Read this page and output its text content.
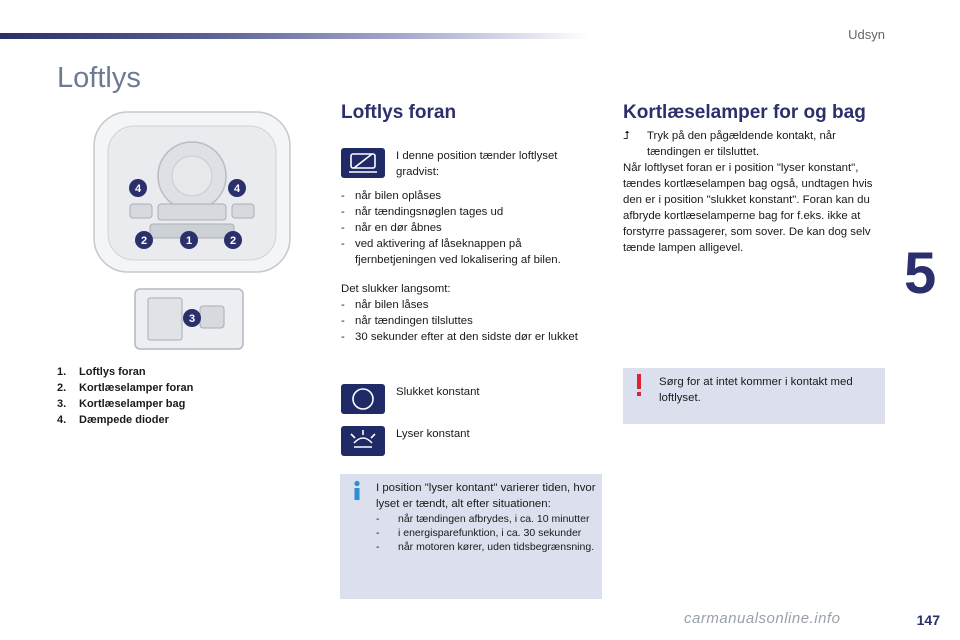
Udsyn
Loftlys
5
4	4
2	1	2
3
1.	Loftlys foran
2.	Kortlæselamper foran
3.	Kortlæselamper bag
4.	Dæmpede dioder
Loftlys foran
I denne position tænder loftlyset gradvist:
- når bilen oplåses
- når tændingsnøglen tages ud
- når en dør åbnes
- ved aktivering af låseknappen på fjernbetjeningen ved lokalisering af bilen.
Det slukker langsomt:
- når bilen låses
- når tændingen tilsluttes
- 30 sekunder efter at den sidste dør er lukket
Slukket konstant
Lyser konstant
I position "lyser kontant" varierer tiden, hvor lyset er tændt, alt efter situationen:
-	når tændingen afbrydes, i ca. 10 minutter
-	i energisparefunktion, i ca. 30 sekunder
-	når motoren kører, uden tidsbegrænsning.
Kortlæselamper for og bag
⮥	Tryk på den pågældende kontakt, når tændingen er tilsluttet.
Når loftlyset foran er i position "lyser konstant", tændes kortlæselampen bag også, undtagen hvis den er i position "slukket konstant". Foran kan du afbryde kortlæselamperne bag for f.eks. ikke at forstyrre passagerer, som sover. De kan dog selv tænde lampen alligevel.
Sørg for at intet kommer i kontakt med loftlyset.
carmanualsonline.info	147
